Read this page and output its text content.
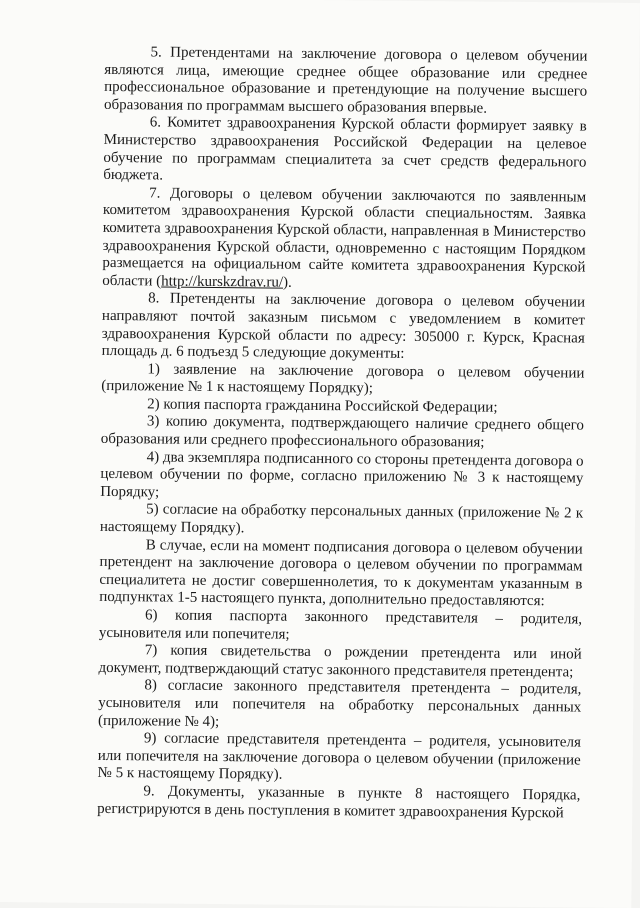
5. Претендентами на заключение договора о целевом обучении являются лица, имеющие среднее общее образование или среднее профессиональное образование и претендующие на получение высшего образования по программам высшего образования впервые.

6. Комитет здравоохранения Курской области формирует заявку в Министерство здравоохранения Российской Федерации на целевое обучение по программам специалитета за счет средств федерального бюджета.

7. Договоры о целевом обучении заключаются по заявленным комитетом здравоохранения Курской области специальностям. Заявка комитета здравоохранения Курской области, направленная в Министерство здравоохранения Курской области, одновременно с настоящим Порядком размещается на официальном сайте комитета здравоохранения Курской области (http://kurskzdrav.ru/).

8. Претенденты на заключение договора о целевом обучении направляют почтой заказным письмом с уведомлением в комитет здравоохранения Курской области по адресу: 305000 г. Курск, Красная площадь д. 6 подъезд 5 следующие документы:

1) заявление на заключение договора о целевом обучении (приложение № 1 к настоящему Порядку);

2) копия паспорта гражданина Российской Федерации;

3) копию документа, подтверждающего наличие среднего общего образования или среднего профессионального образования;

4) два экземпляра подписанного со стороны претендента договора о целевом обучении по форме, согласно приложению № 3 к настоящему Порядку;

5) согласие на обработку персональных данных (приложение № 2 к настоящему Порядку).

В случае, если на момент подписания договора о целевом обучении претендент на заключение договора о целевом обучении по программам специалитета не достиг совершеннолетия, то к документам указанным в подпунктах 1-5 настоящего пункта, дополнительно предоставляются:

6) копия паспорта законного представителя – родителя, усыновителя или попечителя;

7) копия свидетельства о рождении претендента или иной документ, подтверждающий статус законного представителя претендента;

8) согласие законного представителя претендента – родителя, усыновителя или попечителя на обработку персональных данных (приложение № 4);

9) согласие представителя претендента – родителя, усыновителя или попечителя на заключение договора о целевом обучении (приложение № 5 к настоящему Порядку).

9. Документы, указанные в пункте 8 настоящего Порядка, регистрируются в день поступления в комитет здравоохранения Курской
